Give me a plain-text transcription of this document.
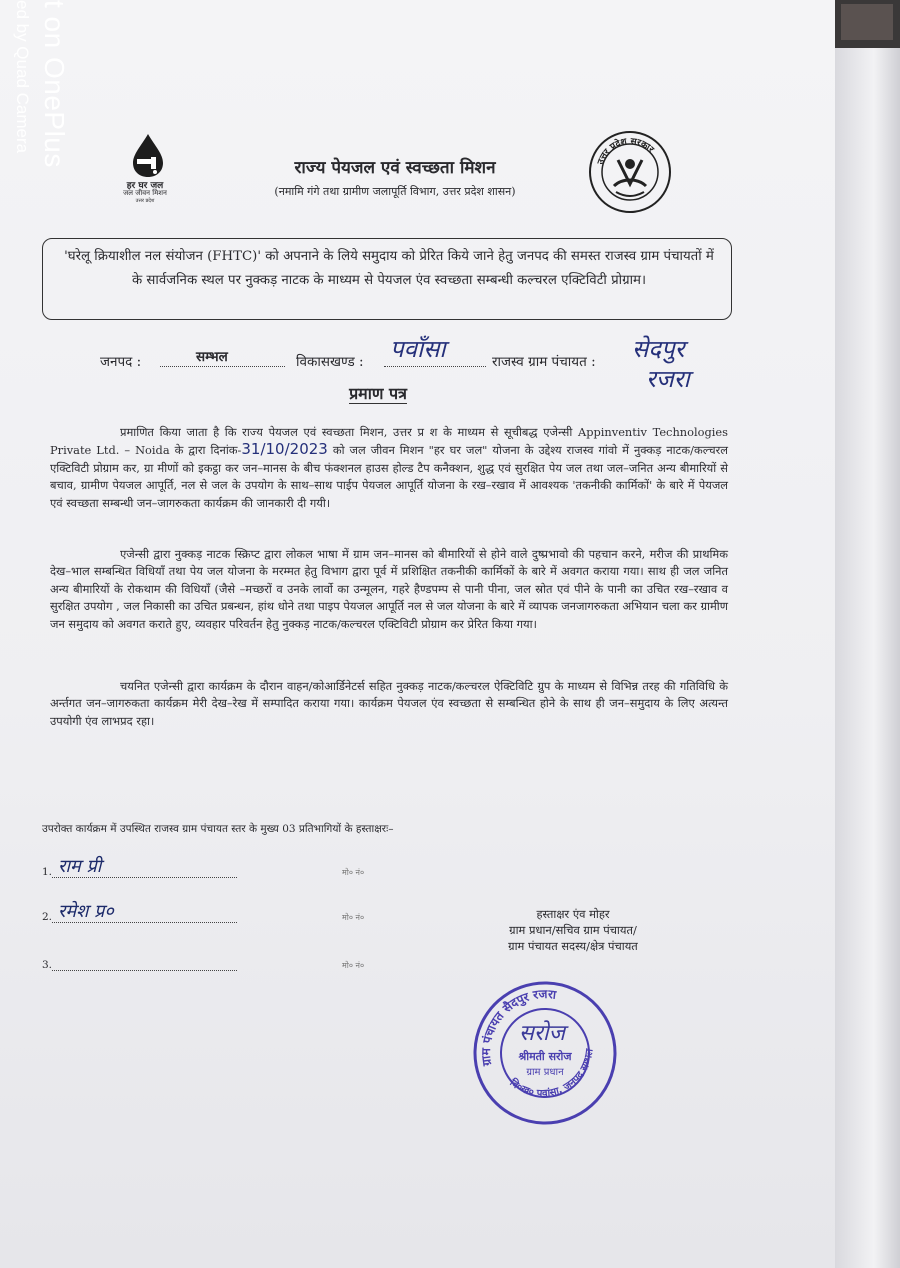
t on OnePlus
ed by Quad Camera
हर घर जल
जल जीवन मिशन
उत्तर प्रदेश
राज्य पेयजल एवं स्वच्छता मिशन
(नमामि गंगे तथा ग्रामीण जलापूर्ति विभाग, उत्तर प्रदेश शासन)
उत्तर प्रदेश सरकार
'घरेलू क्रियाशील नल संयोजन (FHTC)' को अपनाने के लिये समुदाय को प्रेरित किये जाने हेतु जनपद की समस्त राजस्व ग्राम पंचायतों में के सार्वजनिक स्थल पर नुक्कड़ नाटक के माध्यम से पेयजल एंव स्वच्छता सम्बन्धी कल्चरल एक्टिविटी प्रोग्राम।
जनपद :	सम्भल	विकासखण्ड : पवाँसा	राजस्व ग्राम पंचायत : सेदपुर
रजरा
प्रमाण पत्र
प्रमाणित किया जाता है कि राज्य पेयजल एवं स्वच्छता मिशन, उत्तर प्र श के माध्यम से सूचीबद्ध एजेन्सी Appinventiv Technologies Private Ltd. – Noida के द्वारा दिनांक-31/10/2023 को जल जीवन मिशन "हर घर जल" योजना के उद्देश्य राजस्व गांवो में नुक्कड़ नाटक/कल्चरल एक्टिविटी प्रोग्राम कर, ग्रा मीणों को इकट्ठा कर जन–मानस के बीच फंक्शनल हाउस होल्ड टैप कनैक्शन, शुद्ध एवं सुरक्षित पेय जल तथा जल–जनित अन्य बीमारियों से बचाव, ग्रामीण पेयजल आपूर्ति, नल से जल के उपयोग के साथ–साथ पाईप पेयजल आपूर्ति योजना के रख–रखाव में आवश्यक 'तकनीकी कार्मिकों' के बारे में पेयजल एवं स्वच्छता सम्बन्धी जन–जागरुकता कार्यक्रम की जानकारी दी गयी।
एजेन्सी द्वारा नुक्कड़ नाटक स्क्रिप्ट द्वारा लोकल भाषा में ग्राम जन–मानस को बीमारियों से होने वाले दुष्प्रभावो की पहचान करने, मरीज की प्राथमिक देख–भाल सम्बन्धित विधियाँ तथा पेय जल योजना के मरम्मत हेतु विभाग द्वारा पूर्व में प्रशिक्षित तकनीकी कार्मिकों के बारे में अवगत कराया गया। साथ ही जल जनित अन्य बीमारियों के रोकथाम की विधियाँ (जैसे –मच्छरों व उनके लार्वो का उन्मूलन, गहरे हैण्डपम्प से पानी पीना, जल स्रोत एवं पीने के पानी का उचित रख–रखाव व सुरक्षित उपयोग , जल निकासी का उचित प्रबन्धन, हांथ धोने तथा पाइप पेयजल आपूर्ति नल से जल योजना के बारे में व्यापक जनजागरुकता अभियान चला कर ग्रामीण जन समुदाय को अवगत कराते हुए, व्यवहार परिवर्तन हेतु नुक्कड़ नाटक/कल्चरल एक्टिविटी प्रोग्राम कर प्रेरित किया गया।
चयनित एजेन्सी द्वारा कार्यक्रम के दौरान वाहन/कोआर्डिनेटर्स सहित नुक्कड़ नाटक/कल्चरल ऐक्टिविटि ग्रुप के माध्यम से विभिन्न तरह की गतिविधि के अर्न्तगत जन–जागरुकता कार्यक्रम मेरी देख–रेख में सम्पादित कराया गया। कार्यक्रम पेयजल एंव स्वच्छता से सम्बन्धित होने के साथ ही जन–समुदाय के लिए अत्यन्त उपयोगी एंव लाभप्रद रहा।
उपरोक्त कार्यक्रम में उपस्थित राजस्व ग्राम पंचायत स्तर के मुख्य 03 प्रतिभागियों के हस्ताक्षरः–
1. राम प्री	मो० नं०
2. रमेश प्र०	मो० नं०
3.	मो० नं०
हस्ताक्षर एंव मोहर
ग्राम प्रधान/सचिव ग्राम पंचायत/
ग्राम पंचायत सदस्य/क्षेत्र पंचायत
ग्राम पंचायत सैदपुर रजरा
वि०ख० पवांसा, जनपद सम्भल
सरोज
श्रीमती सरोज
ग्राम प्रधान
